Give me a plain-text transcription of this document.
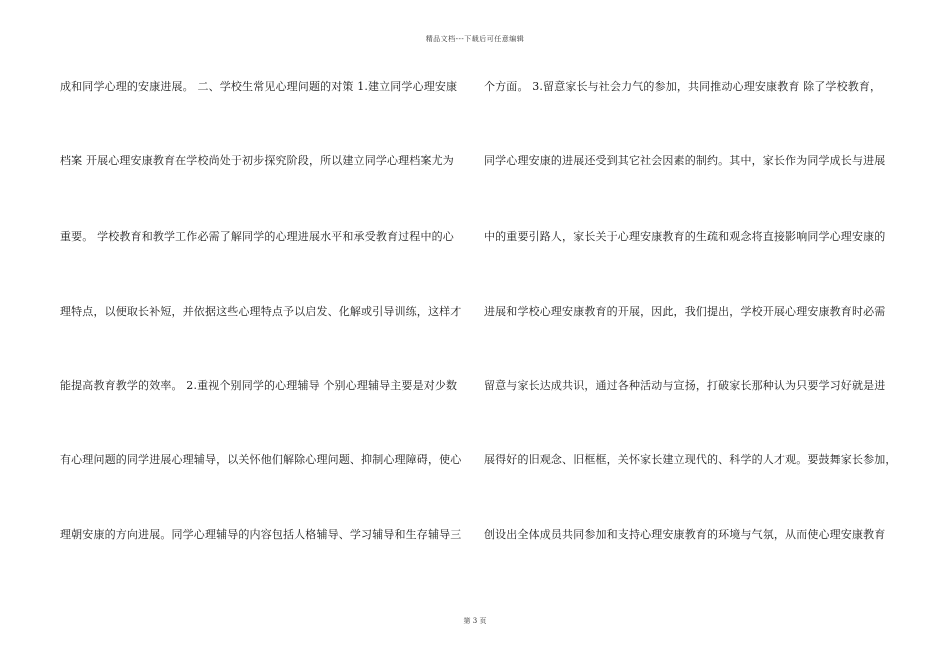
精品文档---下载后可任意编辑
成和同学心理的安康进展。 二、学校生常见心理问题的对策 1.建立同学心理安康
档案 开展心理安康教育在学校尚处于初步探究阶段，所以建立同学心理档案尤为
重要。 学校教育和教学工作必需了解同学的心理进展水平和承受教育过程中的心
理特点，以便取长补短，并依据这些心理特点予以启发、化解或引导训练，这样才
能提高教育教学的效率。 2.重视个别同学的心理辅导 个别心理辅导主要是对少数
有心理问题的同学进展心理辅导，以关怀他们解除心理问题、抑制心理障碍，使心
理朝安康的方向进展。同学心理辅导的内容包括人格辅导、学习辅导和生存辅导三
个方面。 3.留意家长与社会力气的参加，共同推动心理安康教育 除了学校教育，
同学心理安康的进展还受到其它社会因素的制约。其中，家长作为同学成长与进展
中的重要引路人，家长关于心理安康教育的生疏和观念将直接影响同学心理安康的
进展和学校心理安康教育的开展，因此，我们提出，学校开展心理安康教育时必需
留意与家长达成共识，通过各种活动与宣扬，打破家长那种认为只要学习好就是进
展得好的旧观念、旧框框，关怀家长建立现代的、科学的人才观。要鼓舞家长参加，
创设出全体成员共同参加和支持心理安康教育的环境与气氛，从而使心理安康教育
第 3 页
